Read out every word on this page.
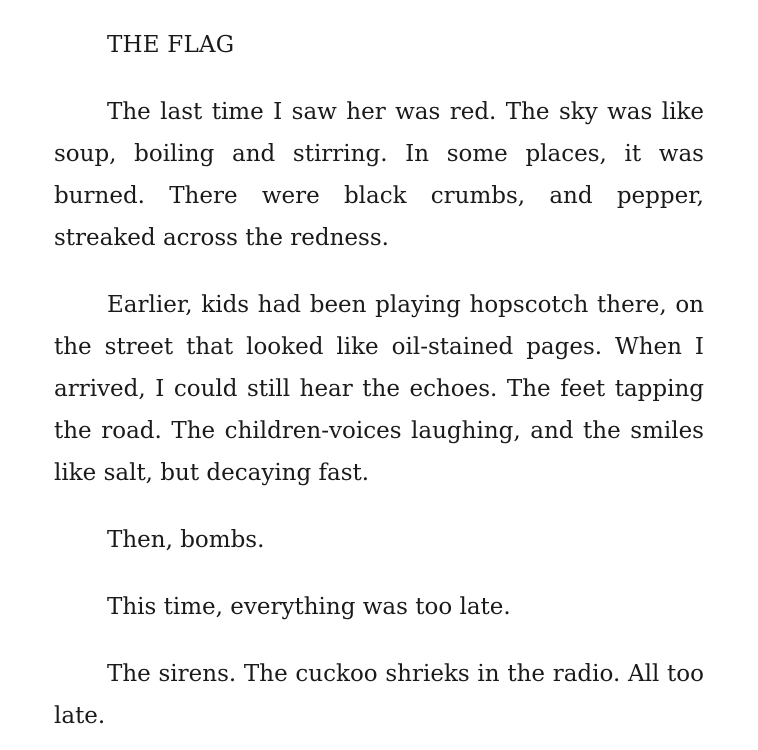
THE FLAG

The last time I saw her was red. The sky was like soup, boiling and stirring. In some places, it was burned. There were black crumbs, and pepper, streaked across the redness.

Earlier, kids had been playing hopscotch there, on the street that looked like oil-stained pages. When I arrived, I could still hear the echoes. The feet tapping the road. The children-voices laughing, and the smiles like salt, but decaying fast.

Then, bombs.

This time, everything was too late.

The sirens. The cuckoo shrieks in the radio. All too late.
